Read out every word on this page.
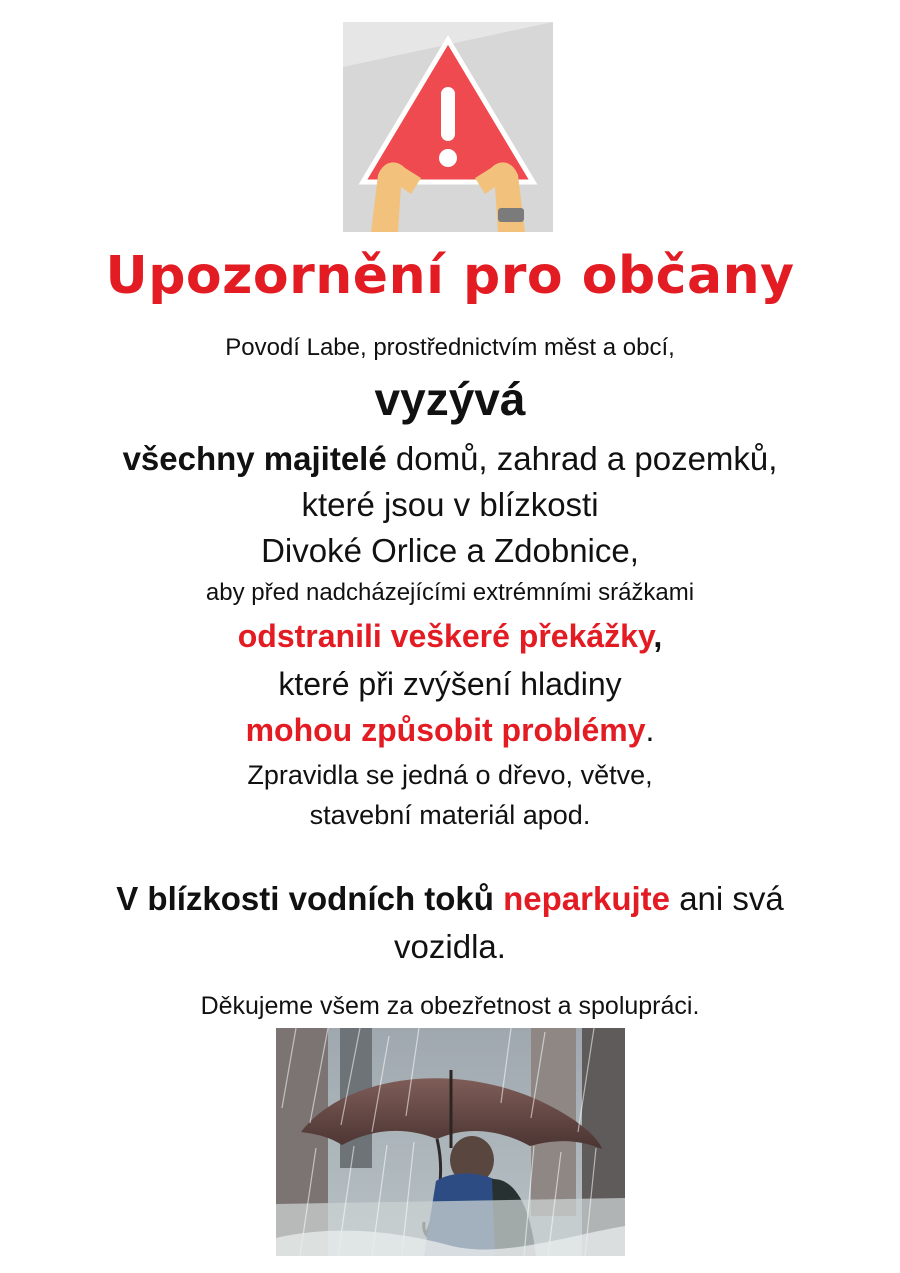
Upozornění pro občany
Povodí Labe, prostřednictvím měst a obcí,
vyzývá
všechny majitelé domů, zahrad a pozemků,
které jsou v blízkosti
Divoké Orlice a Zdobnice,
aby před nadcházejícími extrémními srážkami
odstranili veškeré překážky,
které při zvýšení hladiny
mohou způsobit problémy.
Zpravidla se jedná o dřevo, větve,
stavební materiál apod.
V blízkosti vodních toků neparkujte ani svá
vozidla.
Děkujeme všem za obezřetnost a spolupráci.
